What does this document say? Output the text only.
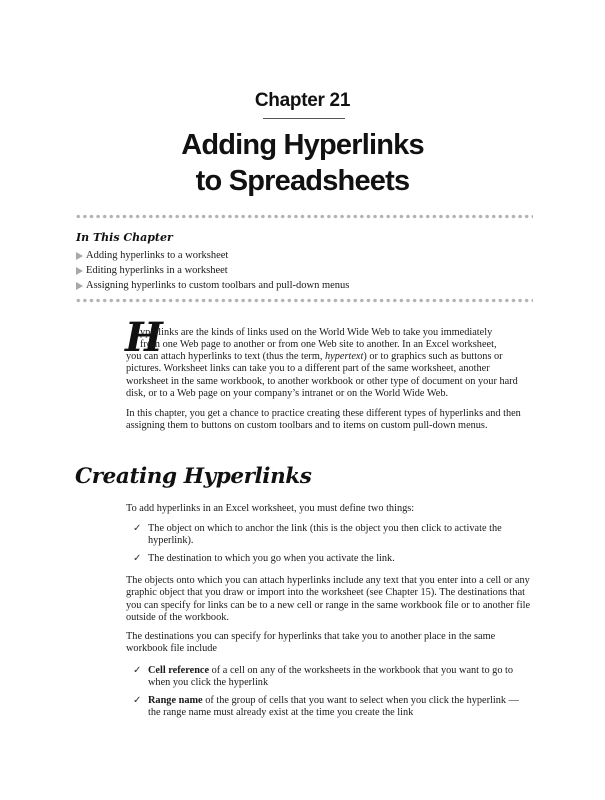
Chapter 21
Adding Hyperlinks
to Spreadsheets
In This Chapter
Adding hyperlinks to a worksheet
Editing hyperlinks in a worksheet
Assigning hyperlinks to custom toolbars and pull-down menus
H
yperlinks are the kinds of links used on the World Wide Web to take you immediately
from one Web page to another or from one Web site to another. In an Excel worksheet,

you can attach hyperlinks to text (thus the term, hypertext) or to graphics such as buttons or pictures. Worksheet links can take you to a different part of the same worksheet, another worksheet in the same workbook, to another workbook or other type of document on your hard disk, or to a Web page on your company’s intranet or on the World Wide Web.

In this chapter, you get a chance to practice creating these different types of hyperlinks and then assigning them to buttons on custom toolbars and to items on custom pull-down menus.

Creating Hyperlinks

To add hyperlinks in an Excel worksheet, you must define two things:

✓ The object on which to anchor the link (this is the object you then click to activate the hyperlink).
✓ The destination to which you go when you activate the link.

The objects onto which you can attach hyperlinks include any text that you enter into a cell or any graphic object that you draw or import into the worksheet (see Chapter 15). The destinations that you can specify for links can be to a new cell or range in the same workbook file or to another file outside of the workbook.

The destinations you can specify for hyperlinks that take you to another place in the same workbook file include

✓ Cell reference of a cell on any of the worksheets in the workbook that you want to go to when you click the hyperlink
✓ Range name of the group of cells that you want to select when you click the hyperlink — the range name must already exist at the time you create the link
